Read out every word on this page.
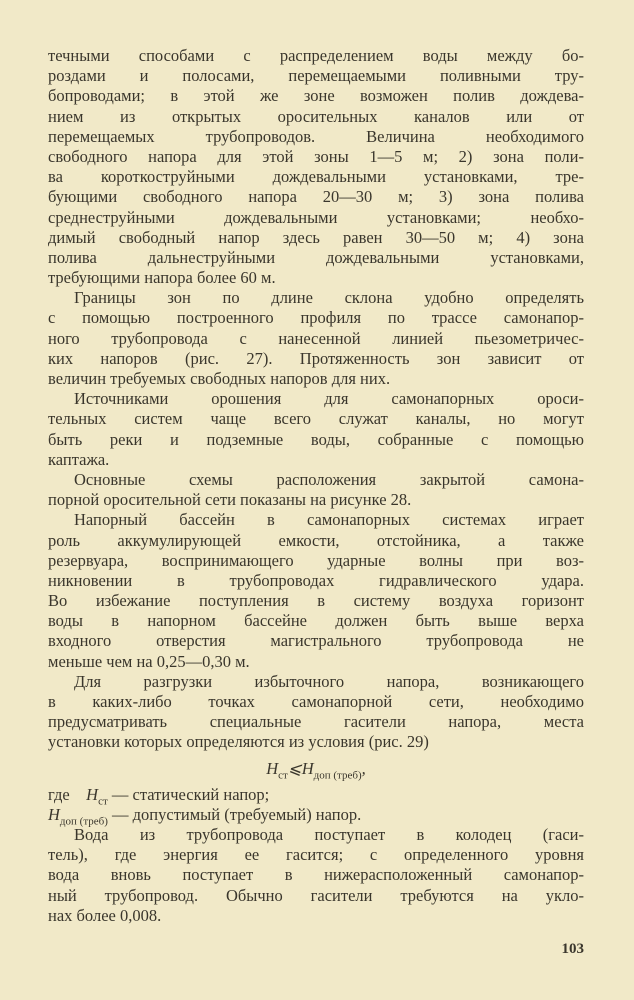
течными способами с распределением воды между бо-
роздами и полосами, перемещаемыми поливными тру-
бопроводами; в этой же зоне возможен полив дождева-
нием из открытых оросительных каналов или от
перемещаемых трубопроводов. Величина необходимого
свободного напора для этой зоны 1—5 м; 2) зона поли-
ва короткоструйными дождевальными установками, тре-
бующими свободного напора 20—30 м; 3) зона полива
среднеструйными дождевальными установками; необхо-
димый свободный напор здесь равен 30—50 м; 4) зона
полива дальнеструйными дождевальными установками,
требующими напора более 60 м.
Границы зон по длине склона удобно определять
с помощью построенного профиля по трассе самонапор-
ного трубопровода с нанесенной линией пьезометричес-
ких напоров (рис. 27). Протяженность зон зависит от
величин требуемых свободных напоров для них.
Источниками орошения для самонапорных ороси-
тельных систем чаще всего служат каналы, но могут
быть реки и подземные воды, собранные с помощью
каптажа.
Основные схемы расположения закрытой самона-
порной оросительной сети показаны на рисунке 28.
Напорный бассейн в самонапорных системах играет
роль аккумулирующей емкости, отстойника, а также
резервуара, воспринимающего ударные волны при воз-
никновении в трубопроводах гидравлического удара.
Во избежание поступления в систему воздуха горизонт
воды в напорном бассейне должен быть выше верха
входного отверстия магистрального трубопровода не
меньше чем на 0,25—0,30 м.
Для разгрузки избыточного напора, возникающего
в каких-либо точках самонапорной сети, необходимо
предусматривать специальные гасители напора, места
установки которых определяются из условия (рис. 29)
$H_{ст}⩽H_{доп (треб)}$,
где $H_{ст}$ — статический напор;
$H_{доп (треб)}$ — допустимый (требуемый) напор.
Вода из трубопровода поступает в колодец (гаси-
тель), где энергия ее гасится; с определенного уровня
вода вновь поступает в нижерасположенный самонапор-
ный трубопровод. Обычно гасители требуются на укло-
нах более 0,008.
103
